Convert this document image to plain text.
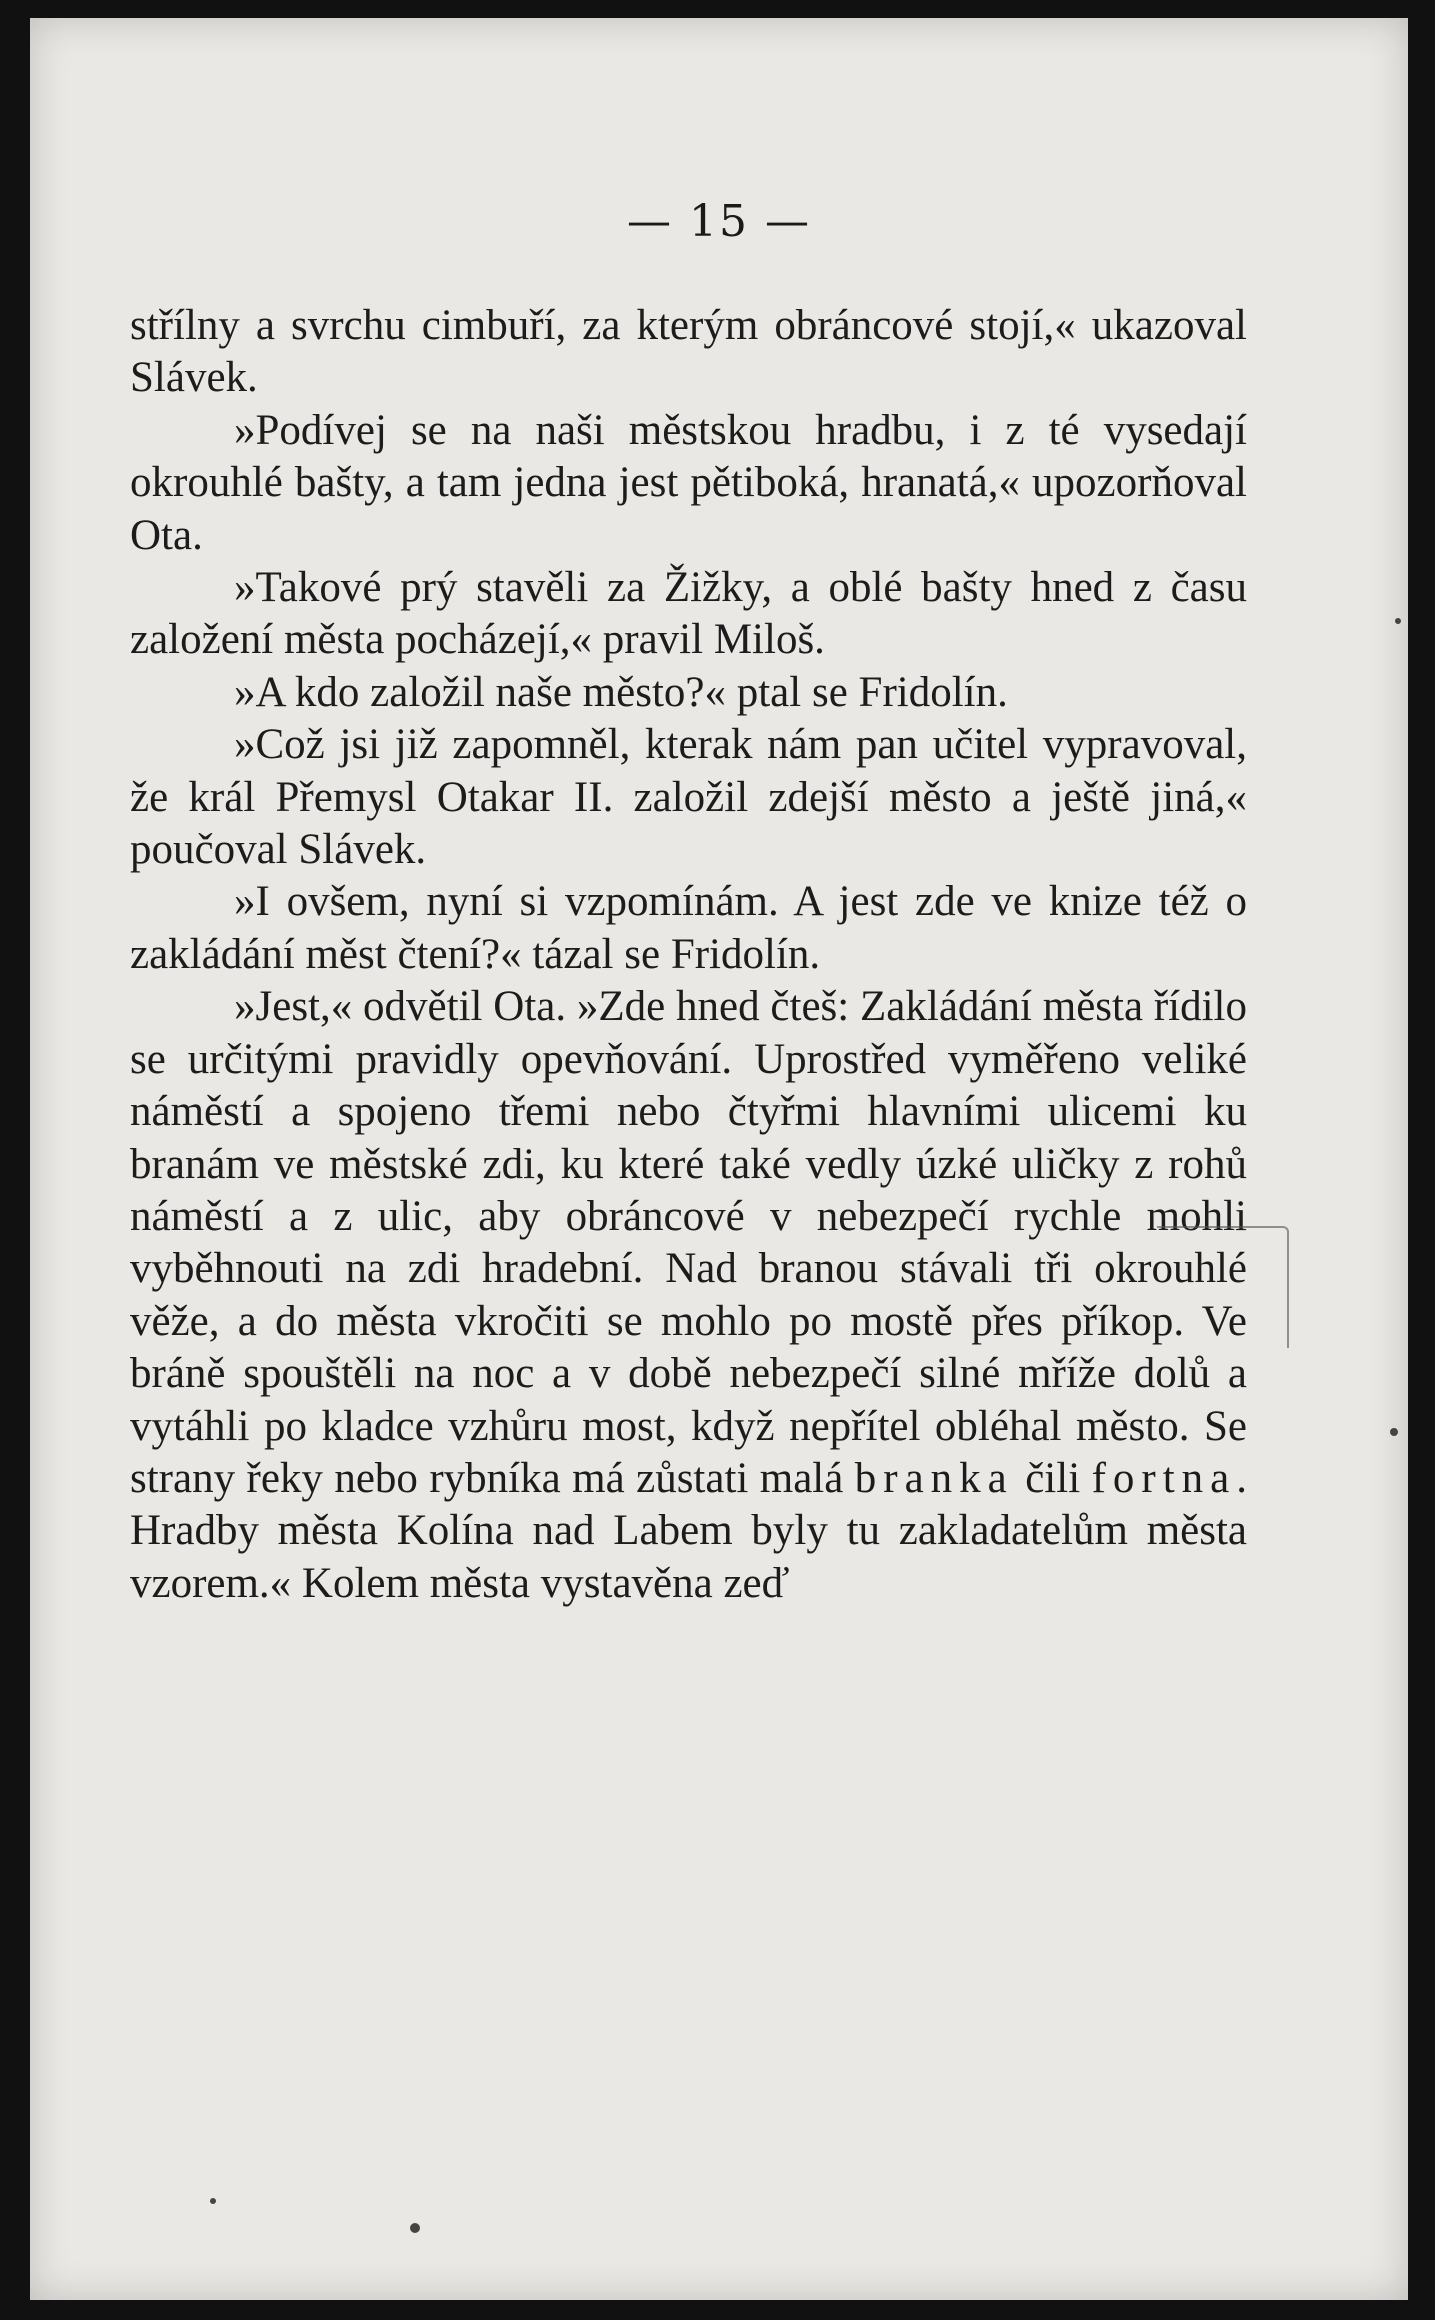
— 15 —

střílny a svrchu cimbuří, za kterým obráncové stojí,« ukazoval Slávek.

»Podívej se na naši městskou hradbu, i z té vysedají okrouhlé bašty, a tam jedna jest pětiboká, hranatá,« upozorňoval Ota.

»Takové prý stavěli za Žižky, a oblé bašty hned z času založení města pocházejí,« pravil Miloš.

»A kdo založil naše město?« ptal se Fridolín.

»Což jsi již zapomněl, kterak nám pan učitel vypravoval, že král Přemysl Otakar II. založil zdejší město a ještě jiná,« poučoval Slávek.

»I ovšem, nyní si vzpomínám. A jest zde ve knize též o zakládání měst čtení?« tázal se Fridolín.

»Jest,« odvětil Ota. »Zde hned čteš: Zakládání města řídilo se určitými pravidly opevňování. Uprostřed vyměřeno veliké náměstí a spojeno třemi nebo čtyřmi hlavními ulicemi ku branám ve městské zdi, ku které také vedly úzké uličky z rohů náměstí a z ulic, aby obráncové v nebezpečí rychle mohli vyběhnouti na zdi hradební. Nad branou stávali tři okrouhlé věže, a do města vkročiti se mohlo po mostě přes příkop. Ve bráně spouštěli na noc a v době nebezpečí silné mříže dolů a vytáhli po kladce vzhůru most, když nepřítel obléhal město. Se strany řeky nebo rybníka má zůstati malá branka čili fortna. Hradby města Kolína nad Labem byly tu zakladatelům města vzorem.« Kolem města vystavěna zeď
